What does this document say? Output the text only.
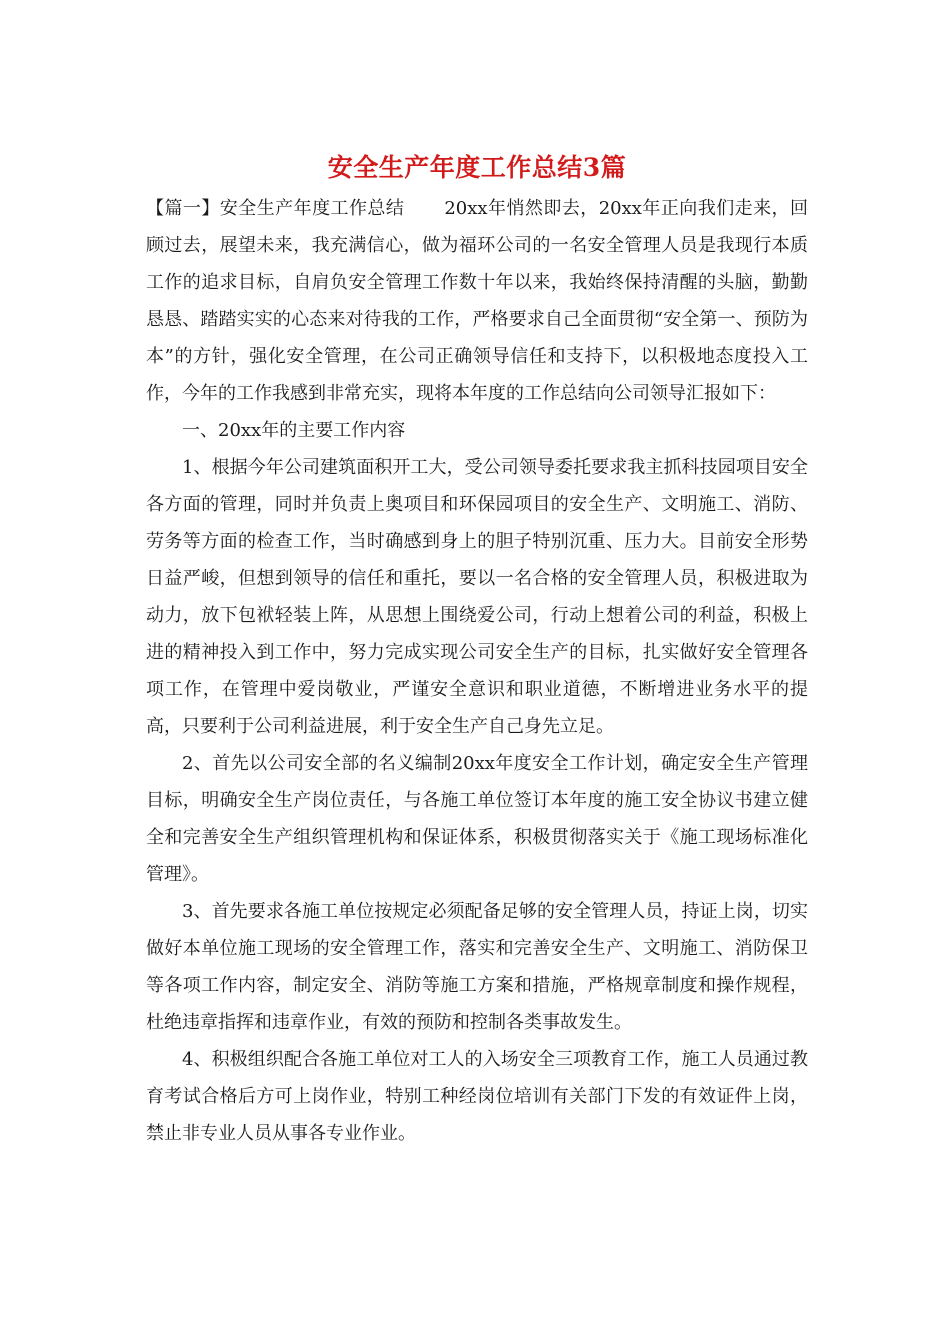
安全生产年度工作总结3篇

【篇一】安全生产年度工作总结 20xx年悄然即去，20xx年正向我们走来，回顾过去，展望未来，我充满信心，做为福环公司的一名安全管理人员是我现行本质工作的追求目标，自肩负安全管理工作数十年以来，我始终保持清醒的头脑，勤勤恳恳、踏踏实实的心态来对待我的工作，严格要求自己全面贯彻“安全第一、预防为本”的方针，强化安全管理，在公司正确领导信任和支持下，以积极地态度投入工作，今年的工作我感到非常充实，现将本年度的工作总结向公司领导汇报如下：

一、20xx年的主要工作内容

1、根据今年公司建筑面积开工大，受公司领导委托要求我主抓科技园项目安全各方面的管理，同时并负责上奥项目和环保园项目的安全生产、文明施工、消防、劳务等方面的检查工作，当时确感到身上的胆子特别沉重、压力大。目前安全形势日益严峻，但想到领导的信任和重托，要以一名合格的安全管理人员，积极进取为动力，放下包袱轻装上阵，从思想上围绕爱公司，行动上想着公司的利益，积极上进的精神投入到工作中，努力完成实现公司安全生产的目标，扎实做好安全管理各项工作，在管理中爱岗敬业，严谨安全意识和职业道德，不断增进业务水平的提高，只要利于公司利益进展，利于安全生产自己身先立足。

2、首先以公司安全部的名义编制20xx年度安全工作计划，确定安全生产管理目标，明确安全生产岗位责任，与各施工单位签订本年度的施工安全协议书建立健全和完善安全生产组织管理机构和保证体系，积极贯彻落实关于《施工现场标准化管理》。

3、首先要求各施工单位按规定必须配备足够的安全管理人员，持证上岗，切实做好本单位施工现场的安全管理工作，落实和完善安全生产、文明施工、消防保卫等各项工作内容，制定安全、消防等施工方案和措施，严格规章制度和操作规程，杜绝违章指挥和违章作业，有效的预防和控制各类事故发生。

4、积极组织配合各施工单位对工人的入场安全三项教育工作，施工人员通过教育考试合格后方可上岗作业，特别工种经岗位培训有关部门下发的有效证件上岗，禁止非专业人员从事各专业作业。
